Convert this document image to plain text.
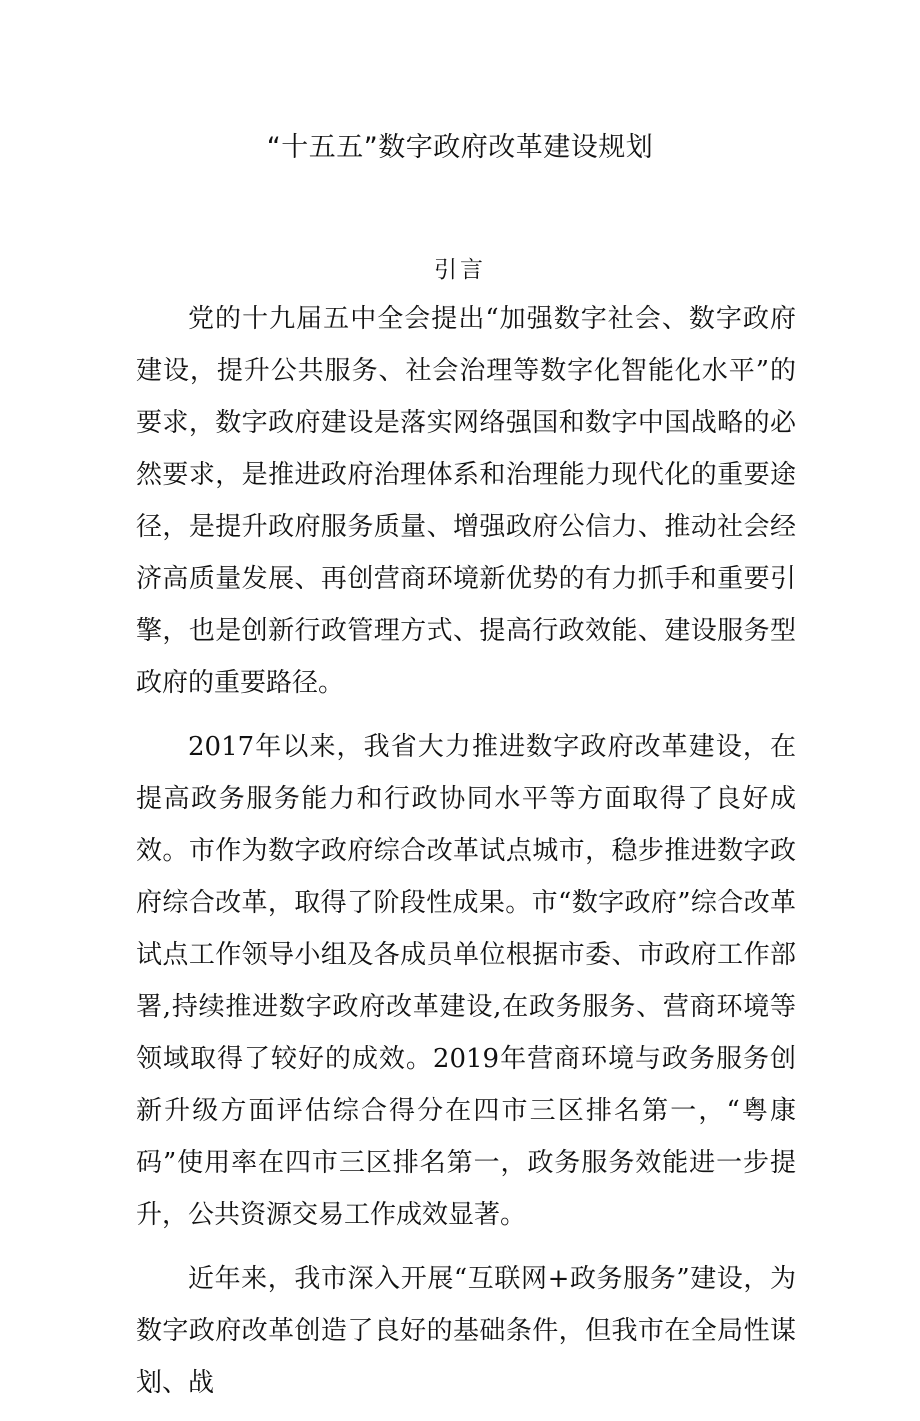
“十五五”数字政府改革建设规划
引言

党的十九届五中全会提出“加强数字社会、数字政府建设，提升公共服务、社会治理等数字化智能化水平”的要求，数字政府建设是落实网络强国和数字中国战略的必然要求，是推进政府治理体系和治理能力现代化的重要途径，是提升政府服务质量、增强政府公信力、推动社会经济高质量发展、再创营商环境新优势的有力抓手和重要引擎，也是创新行政管理方式、提高行政效能、建设服务型政府的重要路径。

2017年以来，我省大力推进数字政府改革建设，在提高政务服务能力和行政协同水平等方面取得了良好成效。市作为数字政府综合改革试点城市，稳步推进数字政府综合改革，取得了阶段性成果。市“数字政府”综合改革试点工作领导小组及各成员单位根据市委、市政府工作部署,持续推进数字政府改革建设,在政务服务、营商环境等领域取得了较好的成效。2019年营商环境与政务服务创新升级方面评估综合得分在四市三区排名第一，“粤康码”使用率在四市三区排名第一，政务服务效能进一步提升，公共资源交易工作成效显著。

近年来，我市深入开展“互联网+政务服务”建设，为数字政府改革创造了良好的基础条件，但我市在全局性谋划、战
